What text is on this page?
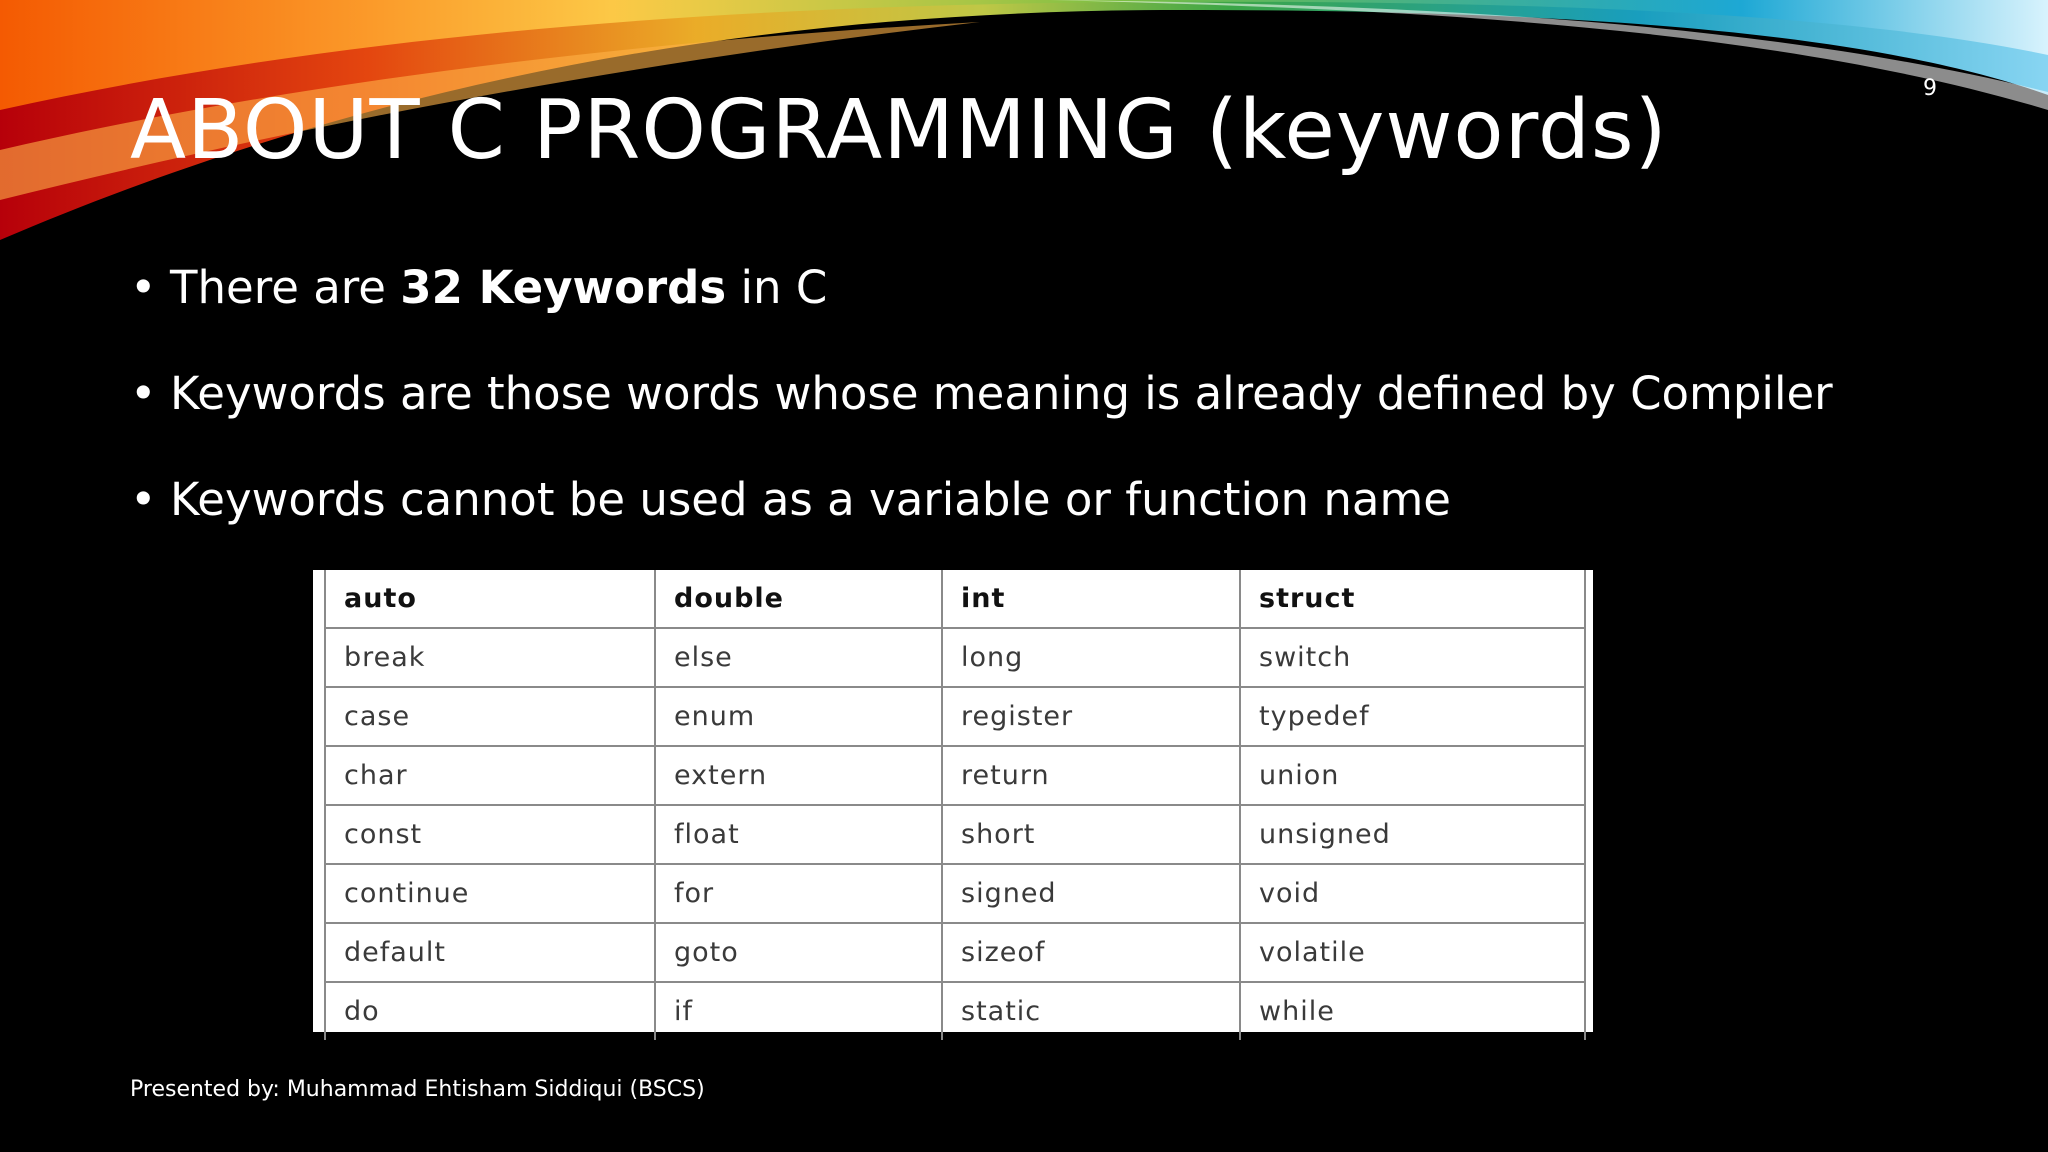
9
ABOUT C PROGRAMMING (keywords)
• There are 32 Keywords in C
• Keywords are those words whose meaning is already defined by Compiler
• Keywords cannot be used as a variable or function name
auto	double	int	struct
break	else	long	switch
case	enum	register	typedef
char	extern	return	union
const	float	short	unsigned
continue	for	signed	void
default	goto	sizeof	volatile
do	if	static	while
Presented by: Muhammad Ehtisham Siddiqui (BSCS)
